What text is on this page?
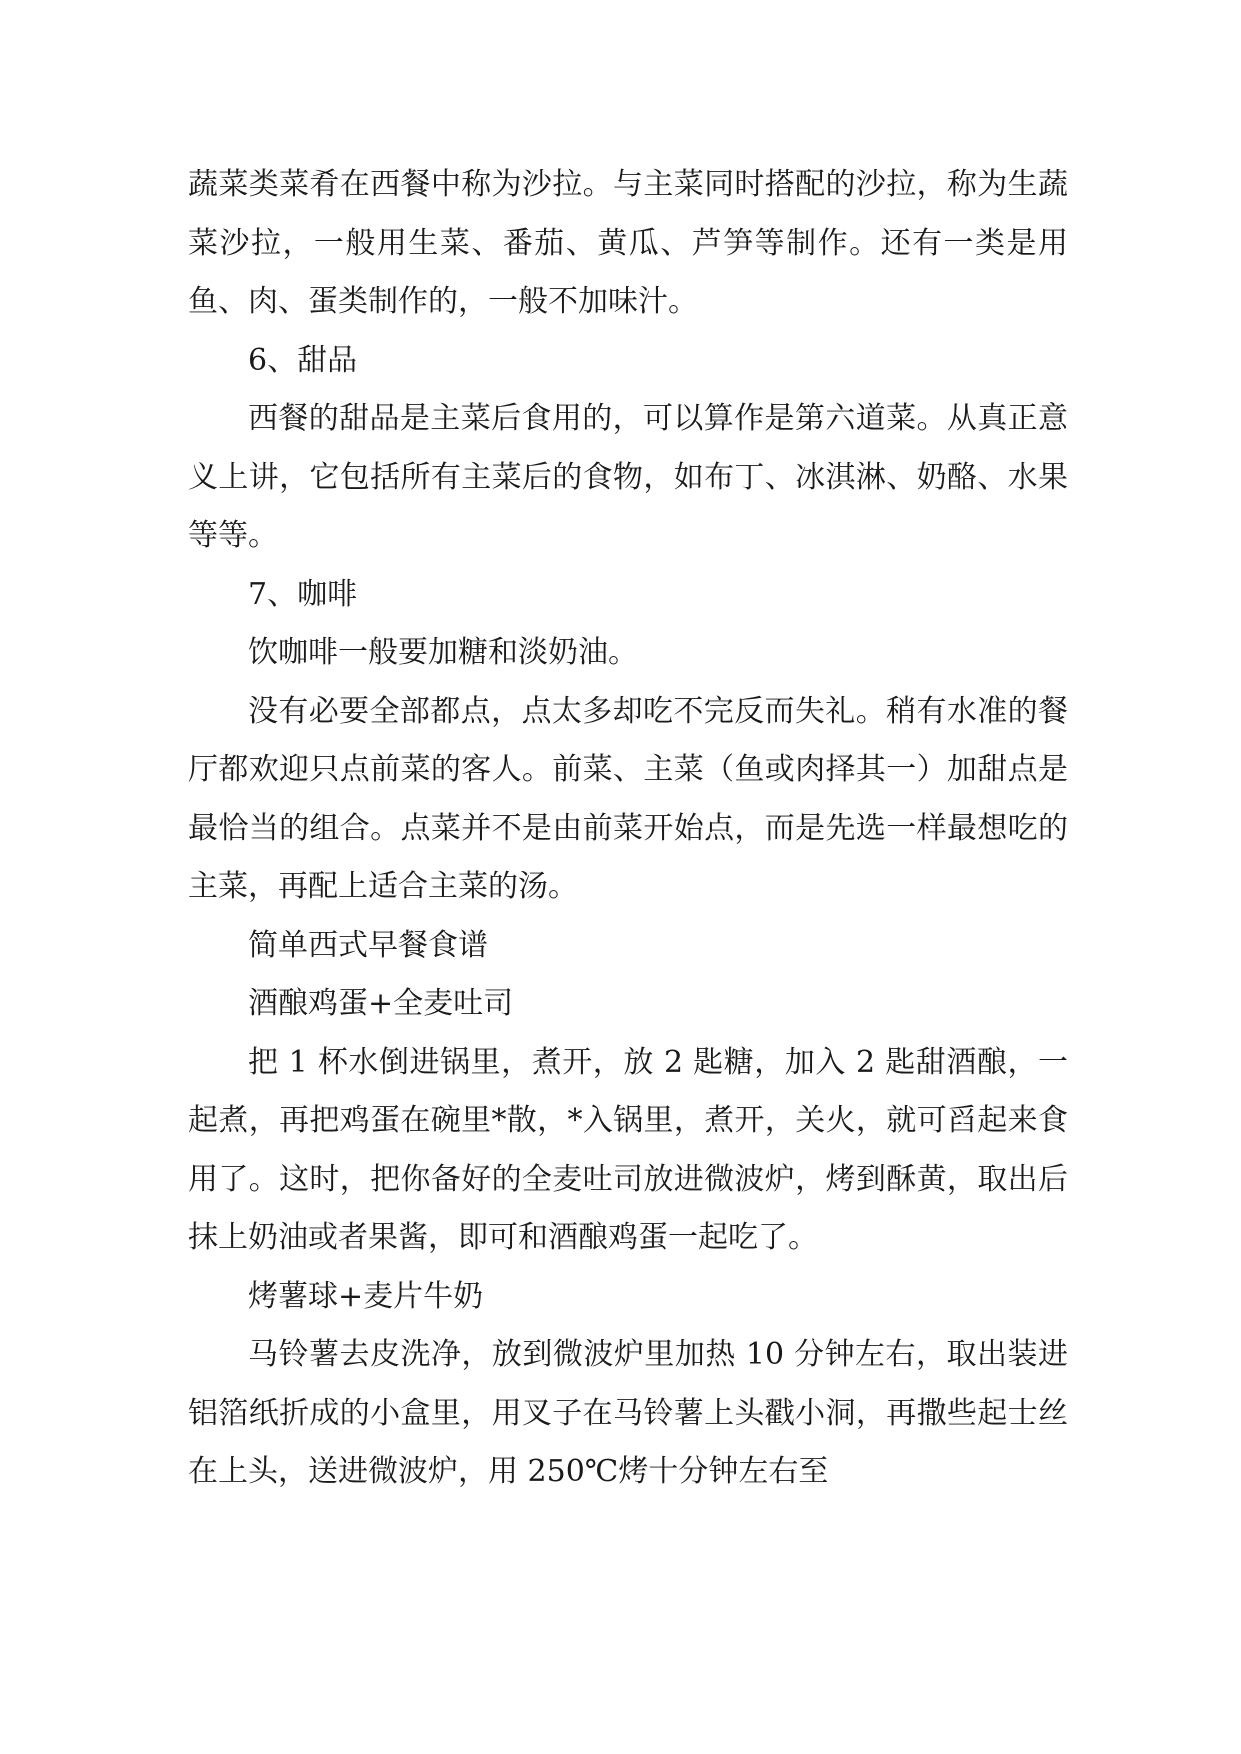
蔬菜类菜肴在西餐中称为沙拉。与主菜同时搭配的沙拉，称为生蔬菜沙拉，一般用生菜、番茄、黄瓜、芦笋等制作。还有一类是用鱼、肉、蛋类制作的，一般不加味汁。

6、甜品

西餐的甜品是主菜后食用的，可以算作是第六道菜。从真正意义上讲，它包括所有主菜后的食物，如布丁、冰淇淋、奶酪、水果等等。

7、咖啡

饮咖啡一般要加糖和淡奶油。

没有必要全部都点，点太多却吃不完反而失礼。稍有水准的餐厅都欢迎只点前菜的客人。前菜、主菜（鱼或肉择其一）加甜点是最恰当的组合。点菜并不是由前菜开始点，而是先选一样最想吃的主菜，再配上适合主菜的汤。

简单西式早餐食谱

酒酿鸡蛋+全麦吐司

把 1 杯水倒进锅里，煮开，放 2 匙糖，加入 2 匙甜酒酿，一起煮，再把鸡蛋在碗里*散，*入锅里，煮开，关火，就可舀起来食用了。这时，把你备好的全麦吐司放进微波炉，烤到酥黄，取出后抹上奶油或者果酱，即可和酒酿鸡蛋一起吃了。

烤薯球+麦片牛奶

马铃薯去皮洗净，放到微波炉里加热 10 分钟左右，取出装进铝箔纸折成的小盒里，用叉子在马铃薯上头戳小洞，再撒些起士丝在上头，送进微波炉，用 250℃烤十分钟左右至
